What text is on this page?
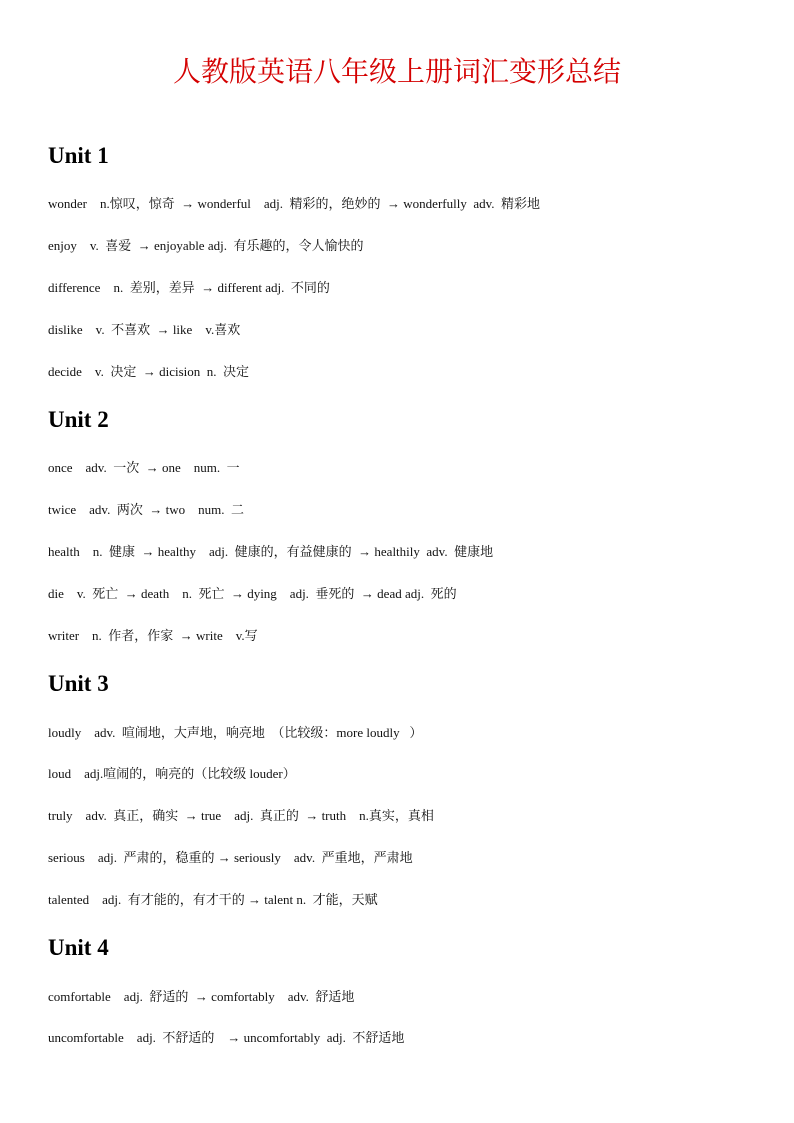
人教版英语八年级上册词汇变形总结
Unit 1
wonder    n.惊叹，惊奇  → wonderful    adj.  精彩的，绝妙的  → wonderfully  adv.  精彩地
enjoy    v.  喜爱  → enjoyable adj.  有乐趣的，令人愉快的
difference    n.  差别，差异  → different adj.  不同的
dislike    v.  不喜欢  → like    v.喜欢
decide    v.  决定  → dicision  n.  决定
Unit 2
once    adv.  一次  → one    num.  一
twice    adv.  两次  → two    num.  二
health    n.  健康  → healthy    adj.  健康的，有益健康的  → healthily  adv.  健康地
die    v.  死亡  → death    n.  死亡  → dying    adj.  垂死的  → dead adj.  死的
writer    n.  作者，作家  → write    v.写
Unit 3
loudly    adv.  喧闹地，大声地，响亮地  （比较级：more loudly   ）
loud    adj.喧闹的，响亮的（比较级 louder）
truly    adv.  真正，确实  → true    adj.  真正的  → truth    n.真实，真相
serious    adj.  严肃的，稳重的 → seriously    adv.  严重地，严肃地
talented    adj.  有才能的，有才干的 → talent n.  才能，天赋
Unit 4
comfortable    adj.  舒适的  → comfortably    adv.  舒适地
uncomfortable    adj.  不舒适的    → uncomfortably  adj.  不舒适地
